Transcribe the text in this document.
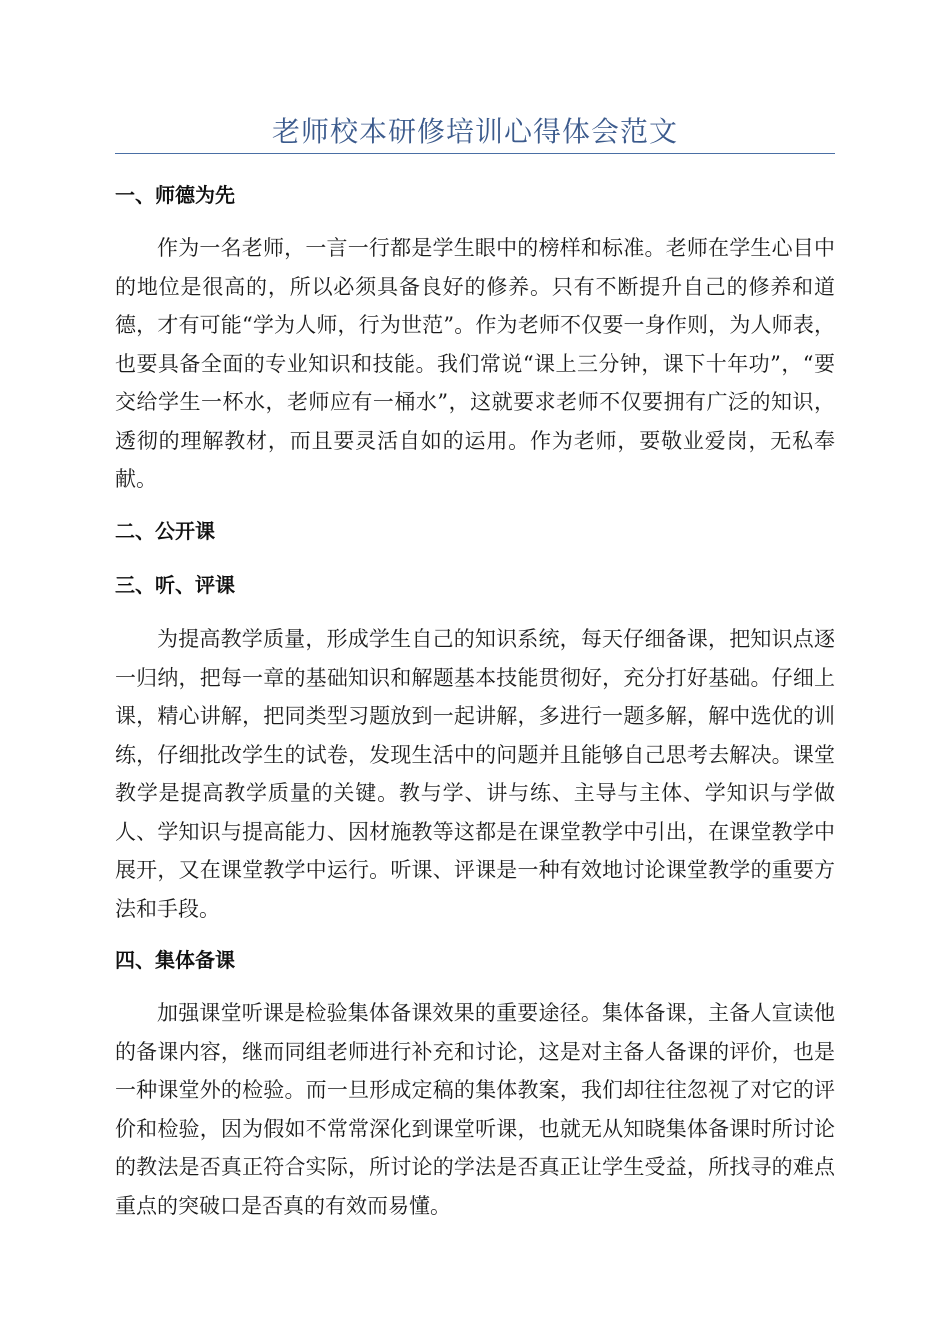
老师校本研修培训心得体会范文
一、师德为先

作为一名老师，一言一行都是学生眼中的榜样和标准。老师在学生心目中的地位是很高的，所以必须具备良好的修养。只有不断提升自己的修养和道德，才有可能“学为人师，行为世范”。作为老师不仅要一身作则，为人师表，也要具备全面的专业知识和技能。我们常说“课上三分钟，课下十年功”，“要交给学生一杯水，老师应有一桶水”，这就要求老师不仅要拥有广泛的知识，透彻的理解教材，而且要灵活自如的运用。作为老师，要敬业爱岗，无私奉献。

二、公开课
三、听、评课

为提高教学质量，形成学生自己的知识系统，每天仔细备课，把知识点逐一归纳，把每一章的基础知识和解题基本技能贯彻好，充分打好基础。仔细上课，精心讲解，把同类型习题放到一起讲解，多进行一题多解，解中选优的训练，仔细批改学生的试卷，发现生活中的问题并且能够自己思考去解决。课堂教学是提高教学质量的关键。教与学、讲与练、主导与主体、学知识与学做人、学知识与提高能力、因材施教等这都是在课堂教学中引出，在课堂教学中展开，又在课堂教学中运行。听课、评课是一种有效地讨论课堂教学的重要方法和手段。

四、集体备课

加强课堂听课是检验集体备课效果的重要途径。集体备课，主备人宣读他的备课内容，继而同组老师进行补充和讨论，这是对主备人备课的评价，也是一种课堂外的检验。而一旦形成定稿的集体教案，我们却往往忽视了对它的评价和检验，因为假如不常常深化到课堂听课，也就无从知晓集体备课时所讨论的教法是否真正符合实际，所讨论的学法是否真正让学生受益，所找寻的难点重点的突破口是否真的有效而易懂。
